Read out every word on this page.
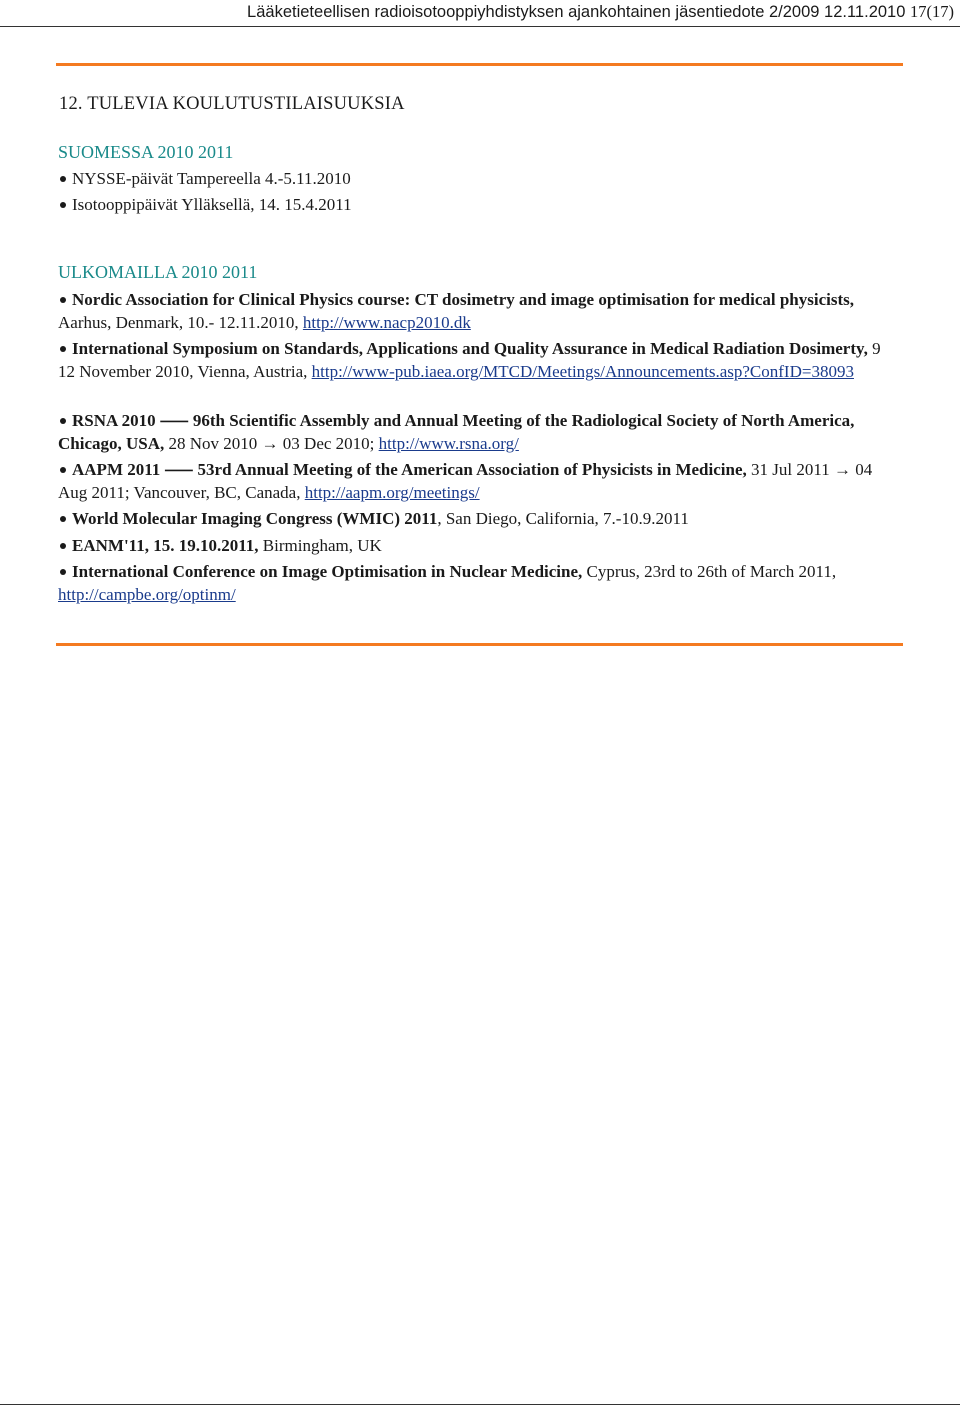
Lääketieteellisen radioisotooppiyhdistyksen ajankohtainen jäsentiedote 2/2009 12.11.2010 17(17)
12. TULEVIA KOULUTUSTILAISUUKSIA
SUOMESSA 2010 2011
NYSSE-päivät Tampereella 4.-5.11.2010
Isotooppipäivät Ylläksellä, 14. 15.4.2011
ULKOMAILLA 2010 2011
Nordic Association for Clinical Physics course: CT dosimetry and image optimisation for medical physicists, Aarhus, Denmark, 10.- 12.11.2010, http://www.nacp2010.dk
International Symposium on Standards, Applications and Quality Assurance in Medical Radiation Dosimerty, 9 12 November 2010, Vienna, Austria, http://www-pub.iaea.org/MTCD/Meetings/Announcements.asp?ConfID=38093
RSNA 2010 ⸺ 96th Scientific Assembly and Annual Meeting of the Radiological Society of North America, Chicago, USA, 28 Nov 2010 → 03 Dec 2010; http://www.rsna.org/
AAPM 2011 ⸺ 53rd Annual Meeting of the American Association of Physicists in Medicine, 31 Jul 2011 → 04 Aug 2011; Vancouver, BC, Canada, http://aapm.org/meetings/
World Molecular Imaging Congress (WMIC) 2011, San Diego, California, 7.-10.9.2011
EANM'11, 15. 19.10.2011, Birmingham, UK
International Conference on Image Optimisation in Nuclear Medicine, Cyprus, 23rd to 26th of March 2011, http://campbe.org/optinm/
